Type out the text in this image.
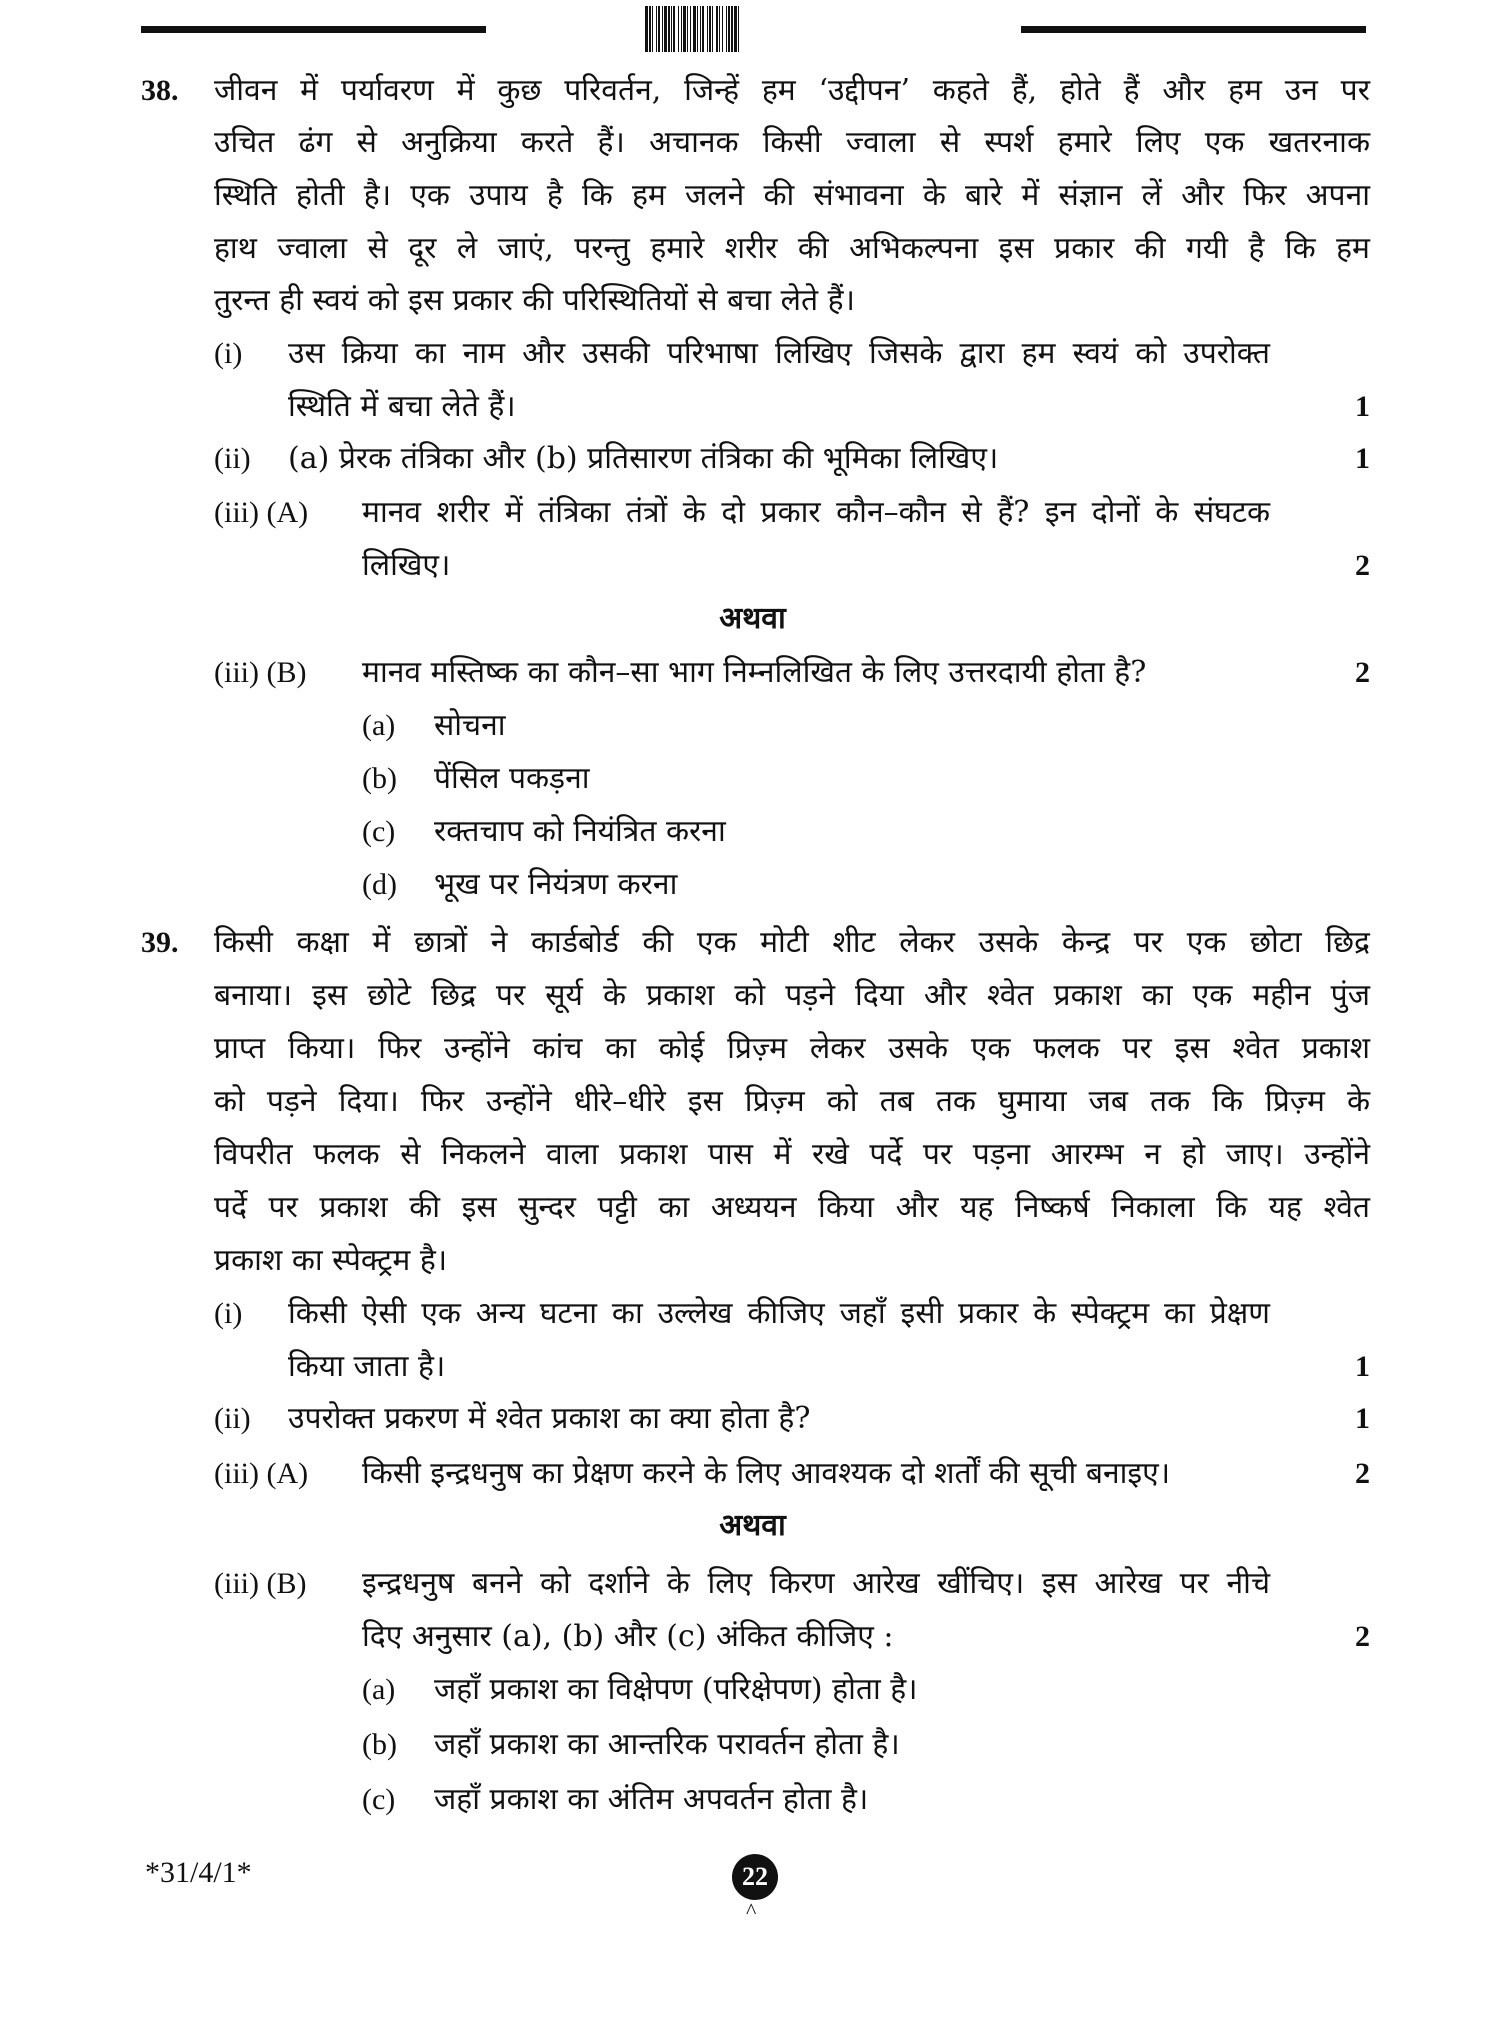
38. जीवन में पर्यावरण में कुछ परिवर्तन, जिन्हें हम ‘उद्दीपन’ कहते हैं, होते हैं और हम उन पर
उचित ढंग से अनुक्रिया करते हैं। अचानक किसी ज्वाला से स्पर्श हमारे लिए एक खतरनाक
स्थिति होती है। एक उपाय है कि हम जलने की संभावना के बारे में संज्ञान लें और फिर अपना
हाथ ज्वाला से दूर ले जाएं, परन्तु हमारे शरीर की अभिकल्पना इस प्रकार की गयी है कि हम
तुरन्त ही स्वयं को इस प्रकार की परिस्थितियों से बचा लेते हैं।
(i) उस क्रिया का नाम और उसकी परिभाषा लिखिए जिसके द्वारा हम स्वयं को उपरोक्त
स्थिति में बचा लेते हैं।	1
(ii) (a) प्रेरक तंत्रिका और (b) प्रतिसारण तंत्रिका की भूमिका लिखिए।	1
(iii) (A) मानव शरीर में तंत्रिका तंत्रों के दो प्रकार कौन–कौन से हैं? इन दोनों के संघटक
लिखिए।	2
अथवा
(iii) (B) मानव मस्तिष्क का कौन–सा भाग निम्नलिखित के लिए उत्तरदायी होता है?	2
(a) सोचना
(b) पेंसिल पकड़ना
(c) रक्तचाप को नियंत्रित करना
(d) भूख पर नियंत्रण करना
39. किसी कक्षा में छात्रों ने कार्डबोर्ड की एक मोटी शीट लेकर उसके केन्द्र पर एक छोटा छिद्र
बनाया। इस छोटे छिद्र पर सूर्य के प्रकाश को पड़ने दिया और श्वेत प्रकाश का एक महीन पुंज
प्राप्त किया। फिर उन्होंने कांच का कोई प्रिज़्म लेकर उसके एक फलक पर इस श्वेत प्रकाश
को पड़ने दिया। फिर उन्होंने धीरे–धीरे इस प्रिज़्म को तब तक घुमाया जब तक कि प्रिज़्म के
विपरीत फलक से निकलने वाला प्रकाश पास में रखे पर्दे पर पड़ना आरम्भ न हो जाए। उन्होंने
पर्दे पर प्रकाश की इस सुन्दर पट्टी का अध्ययन किया और यह निष्कर्ष निकाला कि यह श्वेत
प्रकाश का स्पेक्ट्रम है।
(i) किसी ऐसी एक अन्य घटना का उल्लेख कीजिए जहाँ इसी प्रकार के स्पेक्ट्रम का प्रेक्षण
किया जाता है।	1
(ii) उपरोक्त प्रकरण में श्वेत प्रकाश का क्या होता है?	1
(iii) (A) किसी इन्द्रधनुष का प्रेक्षण करने के लिए आवश्यक दो शर्तों की सूची बनाइए।	2
अथवा
(iii) (B) इन्द्रधनुष बनने को दर्शाने के लिए किरण आरेख खींचिए। इस आरेख पर नीचे
दिए अनुसार (a), (b) और (c) अंकित कीजिए :	2
(a) जहाँ प्रकाश का विक्षेपण (परिक्षेपण) होता है।
(b) जहाँ प्रकाश का आन्तरिक परावर्तन होता है।
(c) जहाँ प्रकाश का अंतिम अपवर्तन होता है।
*31/4/1*	22
^
